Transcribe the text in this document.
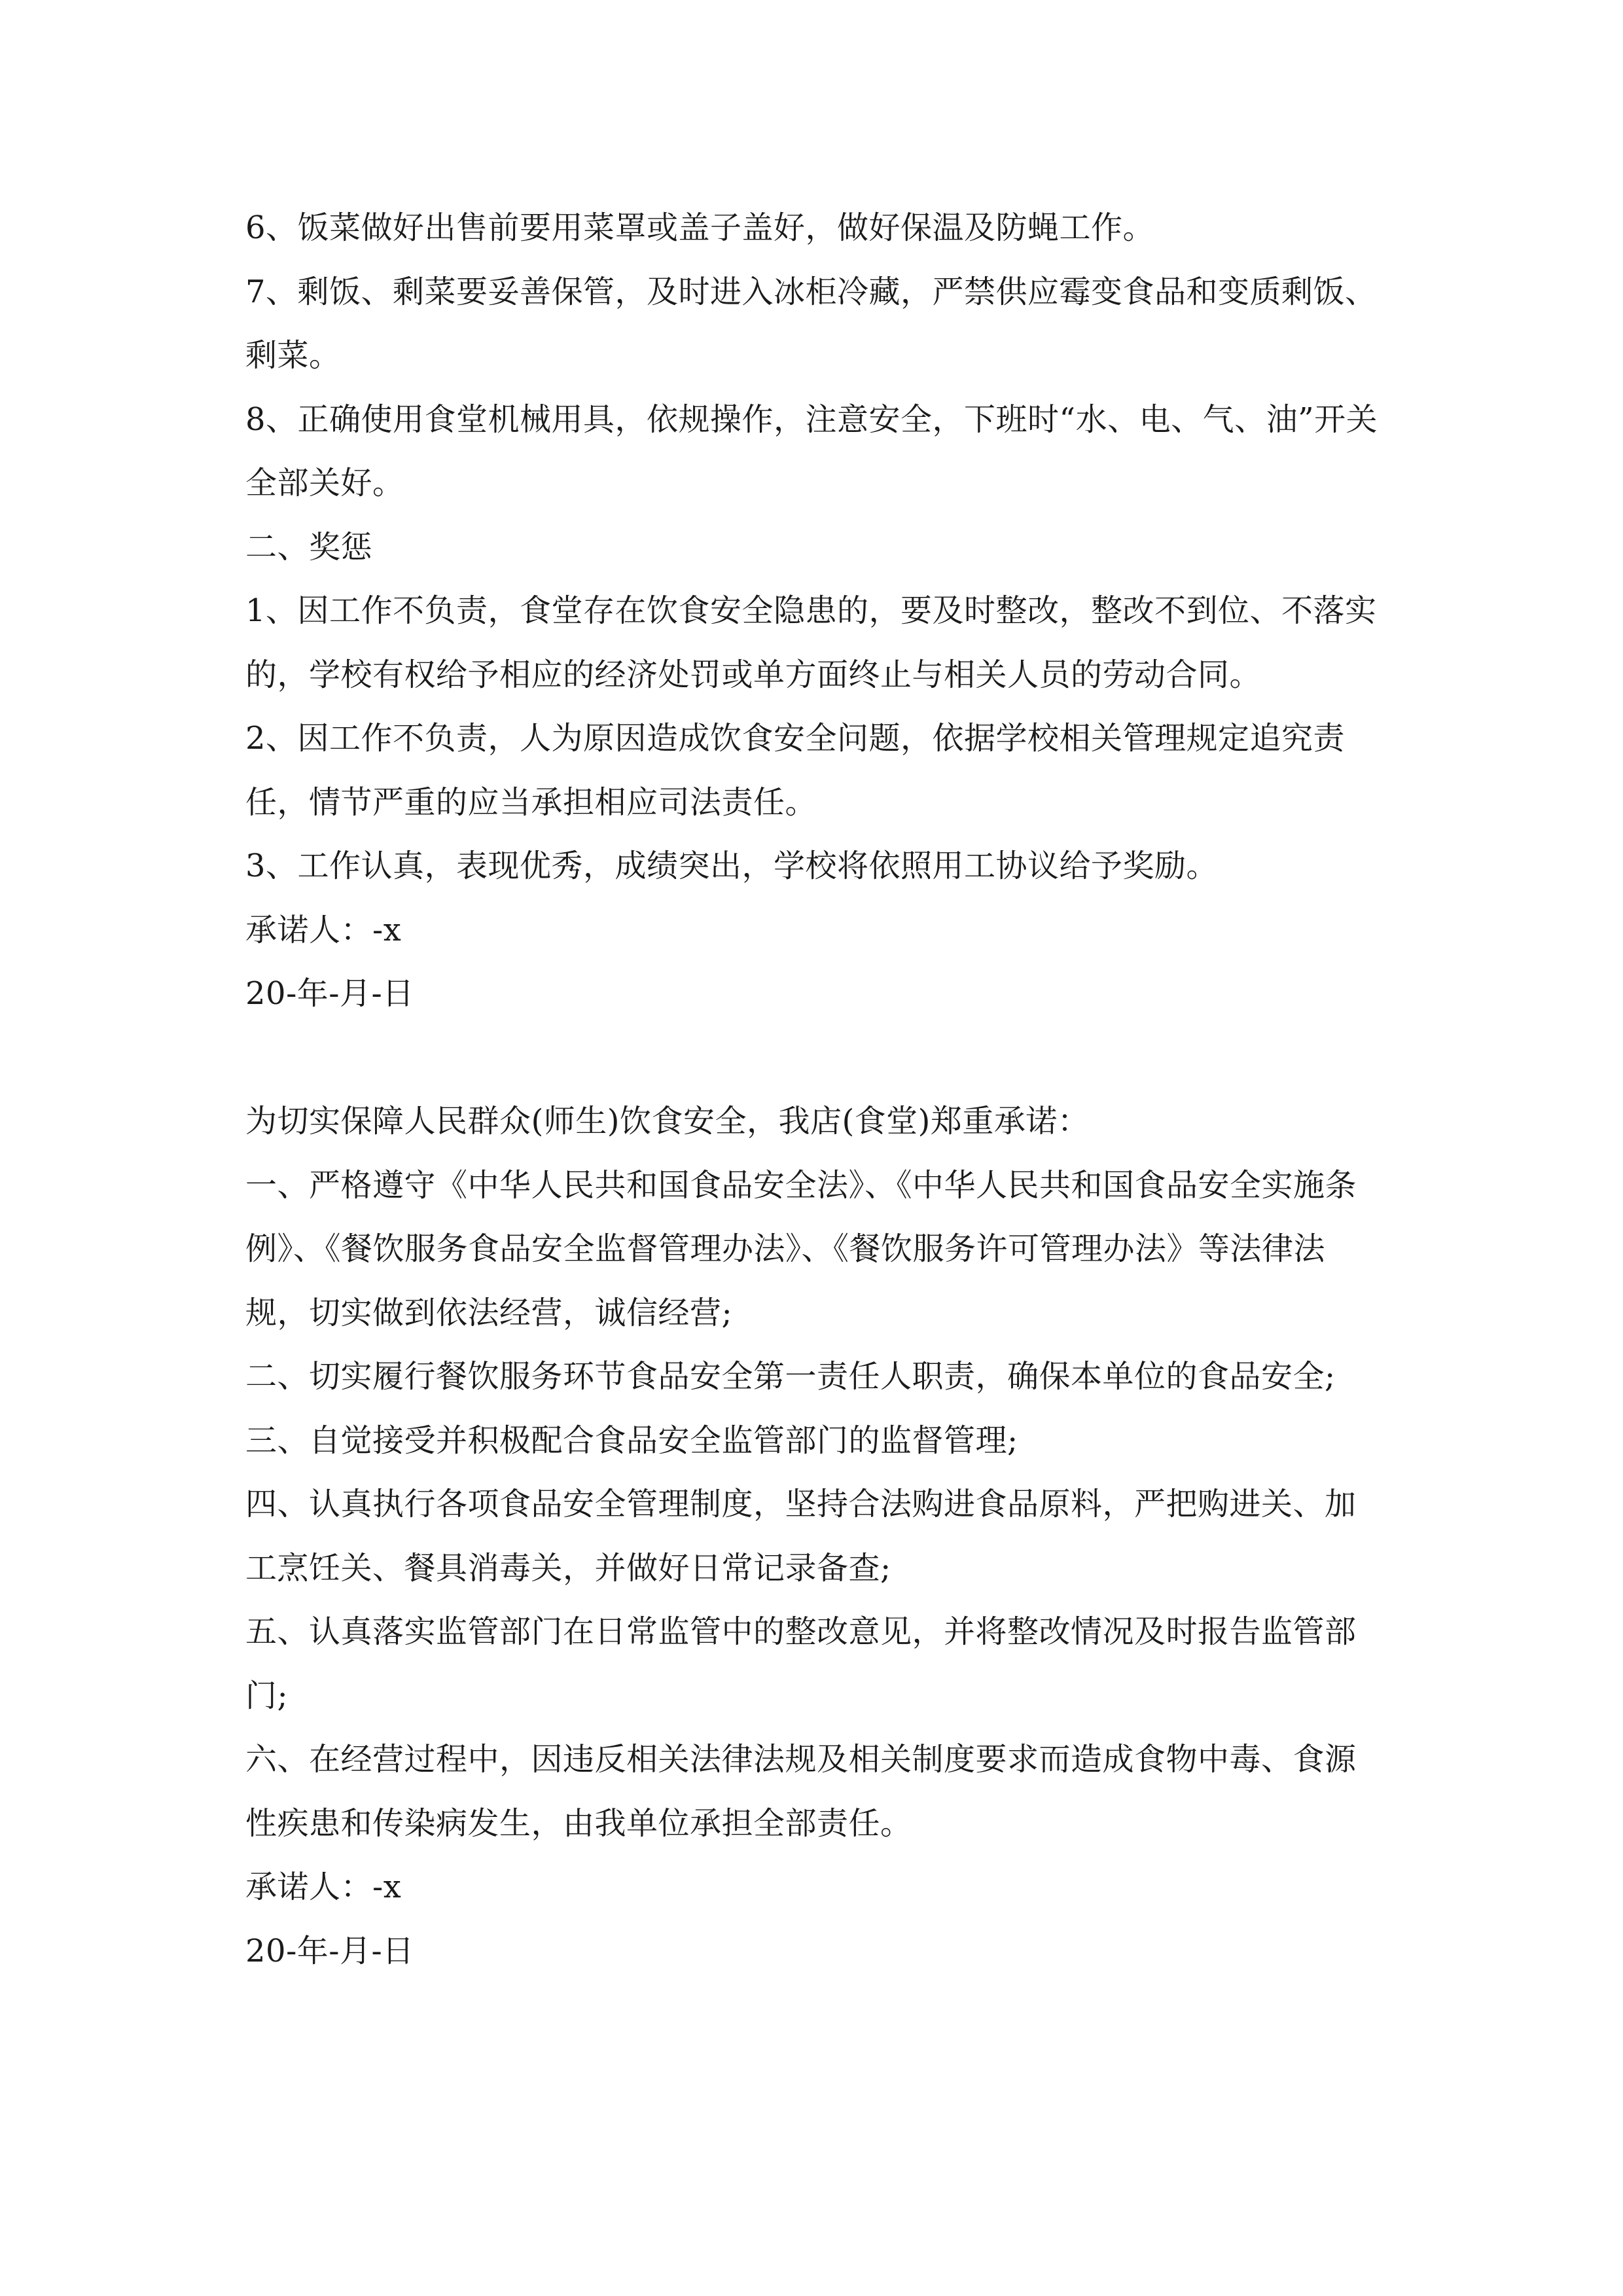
6、饭菜做好出售前要用菜罩或盖子盖好，做好保温及防蝇工作。

7、剩饭、剩菜要妥善保管，及时进入冰柜冷藏，严禁供应霉变食品和变质剩饭、剩菜。

8、正确使用食堂机械用具，依规操作，注意安全，下班时“水、电、气、油”开关全部关好。

二、奖惩

1、因工作不负责，食堂存在饮食安全隐患的，要及时整改，整改不到位、不落实的，学校有权给予相应的经济处罚或单方面终止与相关人员的劳动合同。

2、因工作不负责，人为原因造成饮食安全问题，依据学校相关管理规定追究责任，情节严重的应当承担相应司法责任。

3、工作认真，表现优秀，成绩突出，学校将依照用工协议给予奖励。

承诺人：-x

20-年-月-日

为切实保障人民群众(师生)饮食安全，我店(食堂)郑重承诺：

一、严格遵守《中华人民共和国食品安全法》、《中华人民共和国食品安全实施条例》、《餐饮服务食品安全监督管理办法》、《餐饮服务许可管理办法》等法律法规，切实做到依法经营，诚信经营;

二、切实履行餐饮服务环节食品安全第一责任人职责，确保本单位的食品安全;

三、自觉接受并积极配合食品安全监管部门的监督管理;

四、认真执行各项食品安全管理制度，坚持合法购进食品原料，严把购进关、加工烹饪关、餐具消毒关，并做好日常记录备查;

五、认真落实监管部门在日常监管中的整改意见，并将整改情况及时报告监管部门;

六、在经营过程中，因违反相关法律法规及相关制度要求而造成食物中毒、食源性疾患和传染病发生，由我单位承担全部责任。

承诺人：-x

20-年-月-日
